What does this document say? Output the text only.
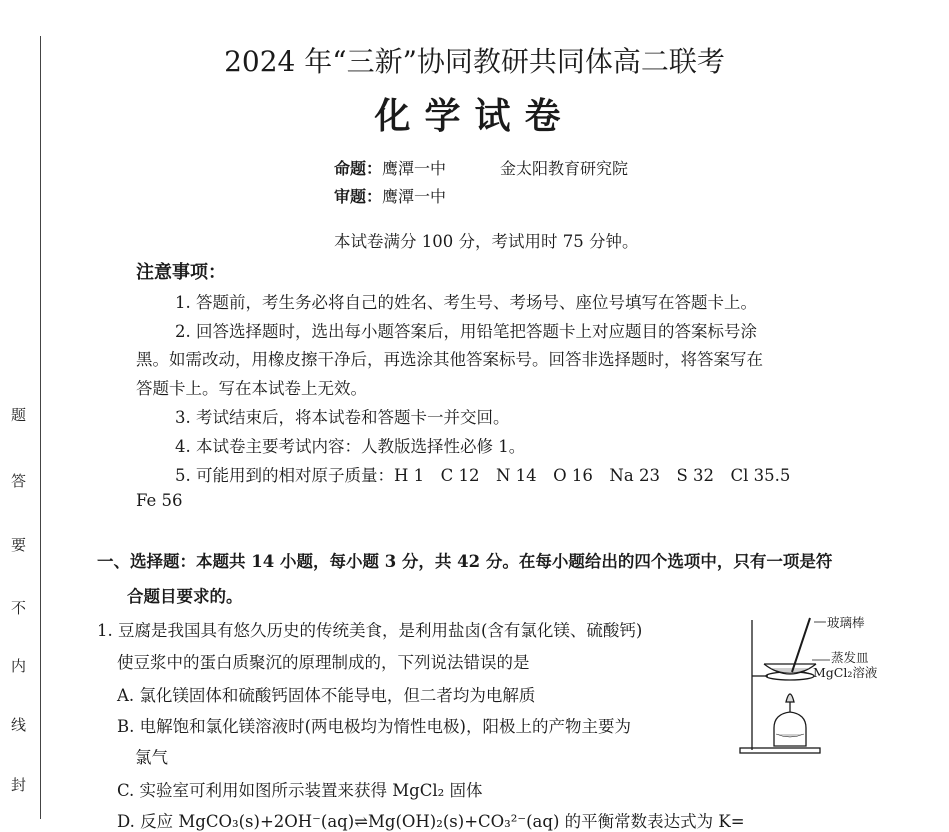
题
答
要
不
内
线
封
2024 年“三新”协同教研共同体高二联考
化学试卷
命题：鹰潭一中	金太阳教育研究院
审题：鹰潭一中
本试卷满分 100 分，考试用时 75 分钟。
注意事项：
1. 答题前，考生务必将自己的姓名、考生号、考场号、座位号填写在答题卡上。
2. 回答选择题时，选出每小题答案后，用铅笔把答题卡上对应题目的答案标号涂
黑。如需改动，用橡皮擦干净后，再选涂其他答案标号。回答非选择题时，将答案写在
答题卡上。写在本试卷上无效。
3. 考试结束后，将本试卷和答题卡一并交回。
4. 本试卷主要考试内容：人教版选择性必修 1。
5. 可能用到的相对原子质量：H 1　C 12　N 14　O 16　Na 23　S 32　Cl 35.5
Fe 56
一、选择题：本题共 14 小题，每小题 3 分，共 42 分。在每小题给出的四个选项中，只有一项是符
合题目要求的。
1. 豆腐是我国具有悠久历史的传统美食，是利用盐卤(含有氯化镁、硫酸钙)
使豆浆中的蛋白质聚沉的原理制成的，下列说法错误的是
A. 氯化镁固体和硫酸钙固体不能导电，但二者均为电解质
B. 电解饱和氯化镁溶液时(两电极均为惰性电极)，阳极上的产物主要为
氯气
C. 实验室可利用如图所示装置来获得 MgCl₂ 固体
D. 反应 MgCO₃(s)+2OH⁻(aq)⇌Mg(OH)₂(s)+CO₃²⁻(aq) 的平衡常数表达式为 K=
玻璃棒
蒸发皿
MgCl₂溶液
